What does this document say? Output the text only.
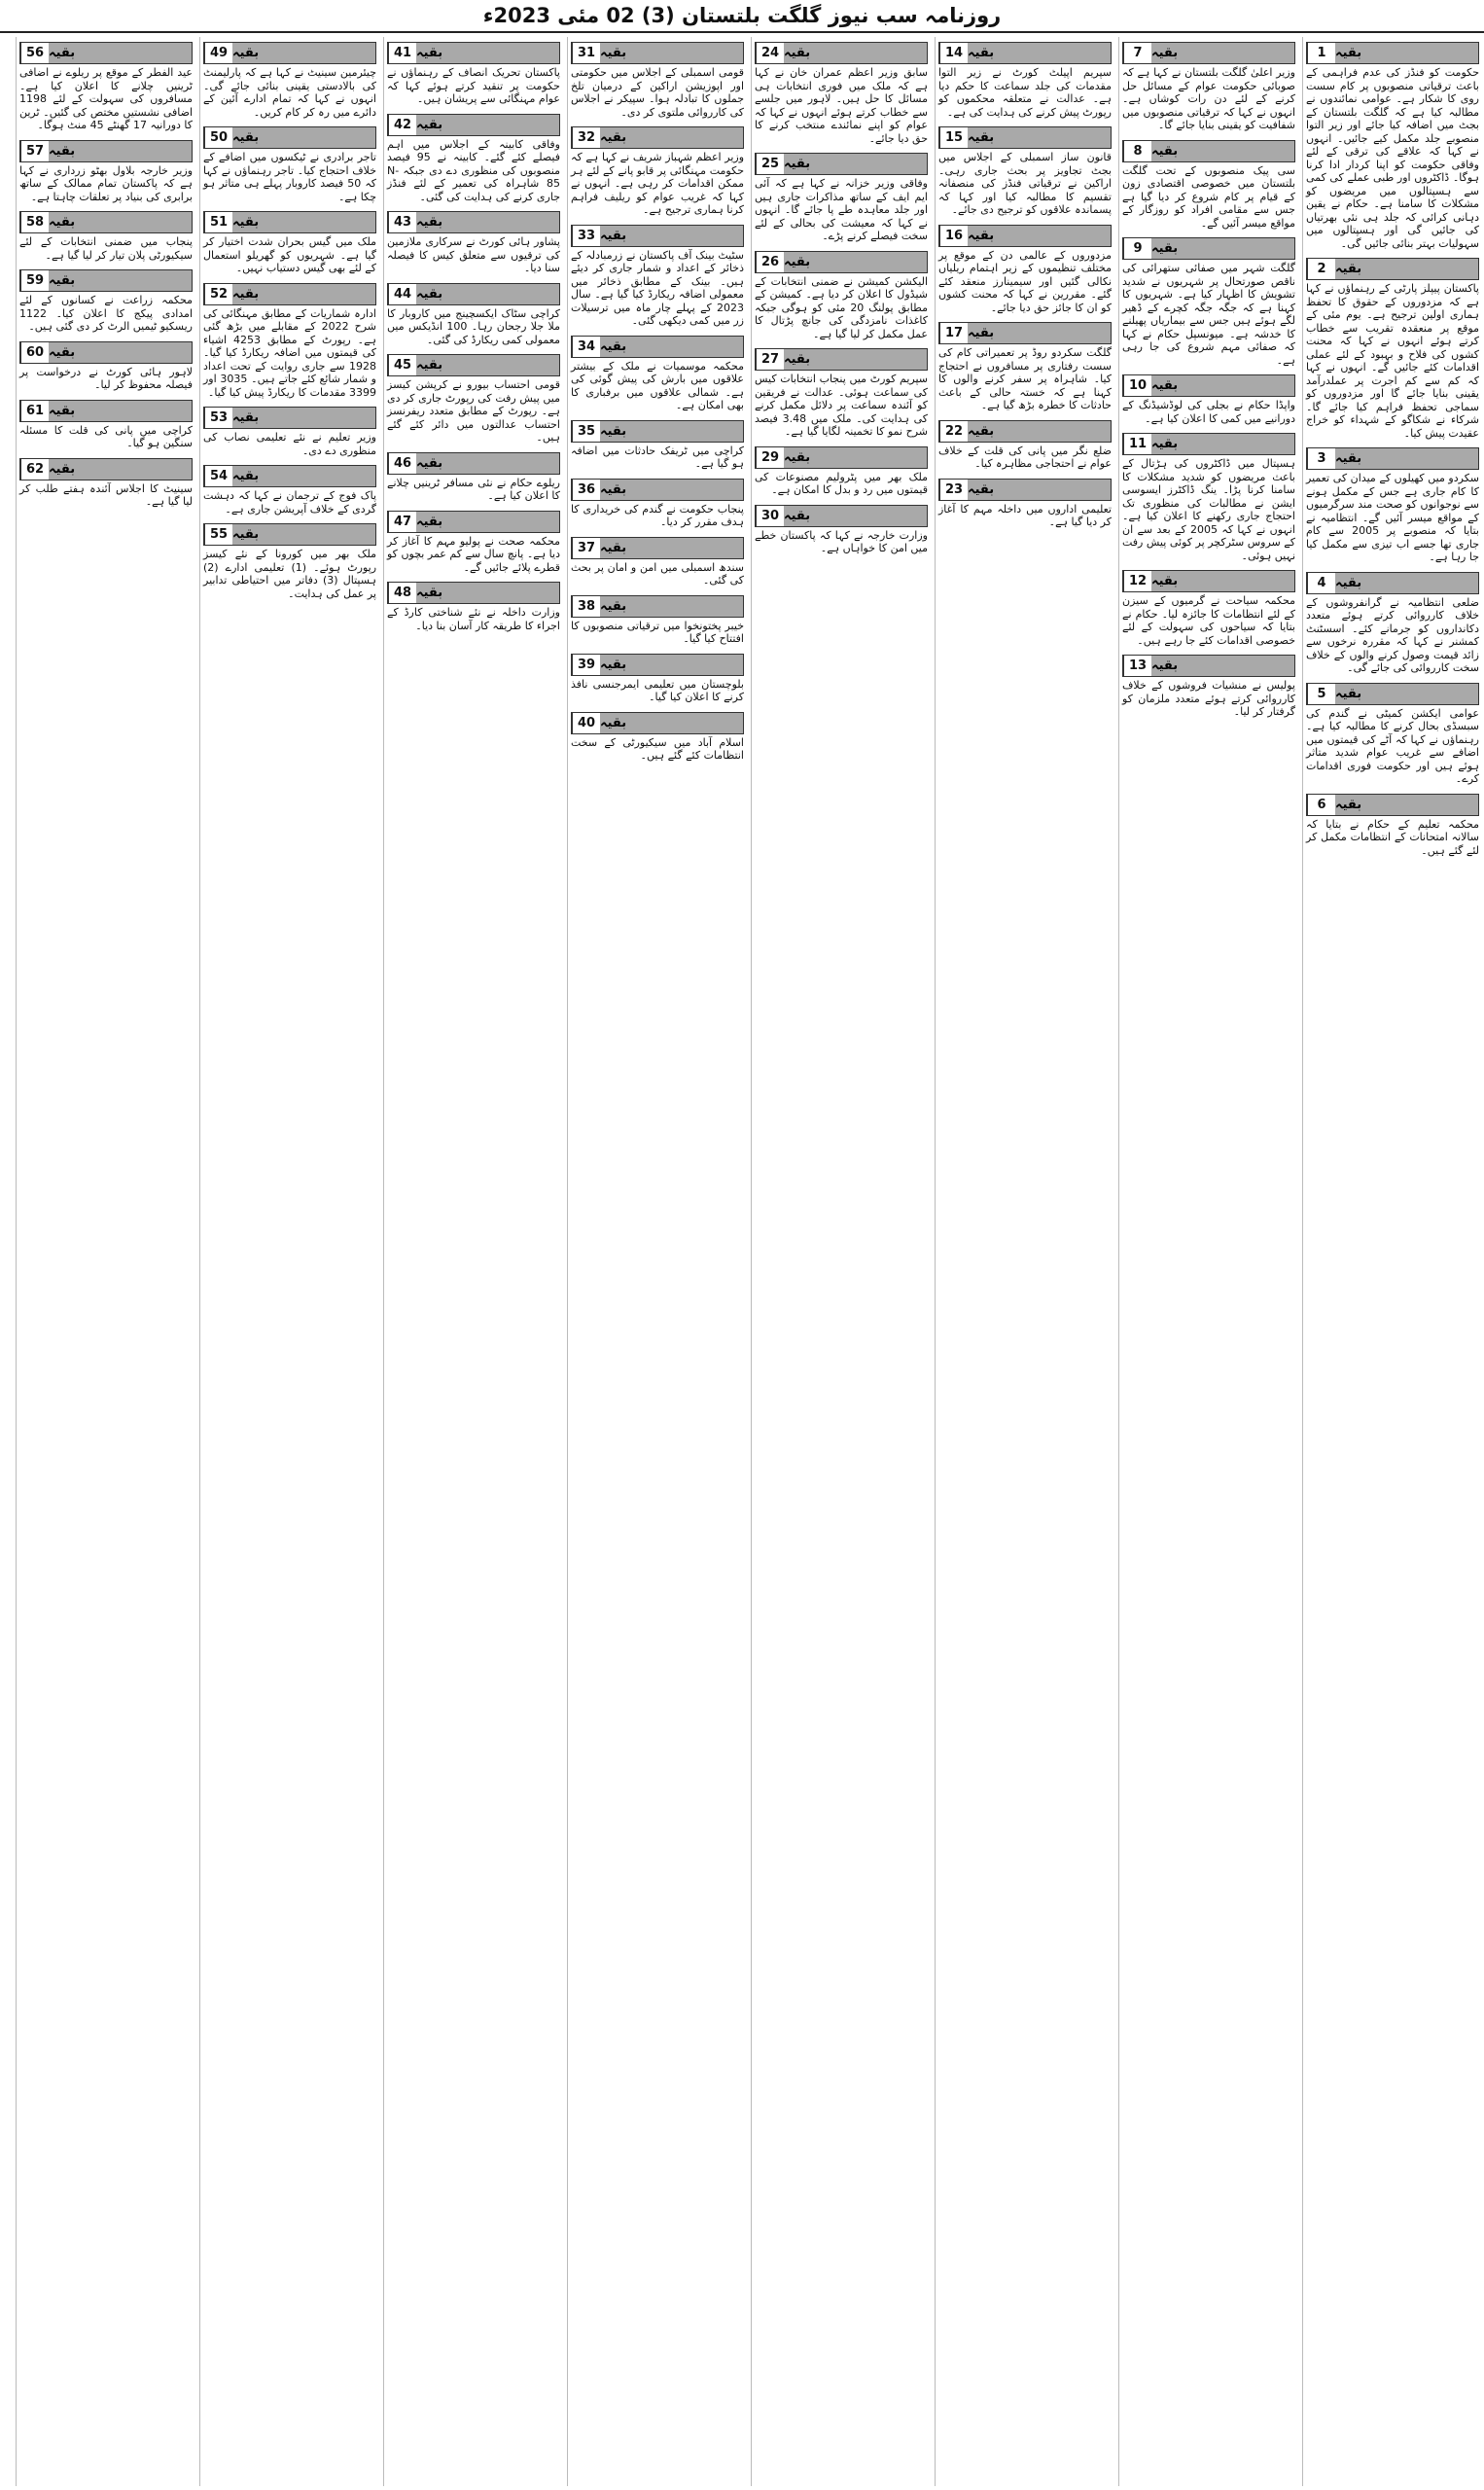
روزنامہ سب نیوز گلگت بلتستان (3) 02 مئی 2023ء
1 بقیہ

حکومت کو فنڈز کی عدم فراہمی کے باعث ترقیاتی منصوبوں پر کام سست روی کا شکار ہے۔ عوامی نمائندوں نے مطالبہ کیا ہے کہ گلگت بلتستان کے بجٹ میں اضافہ کیا جائے اور زیر التوا منصوبے جلد مکمل کیے جائیں۔ انہوں نے کہا کہ علاقے کی ترقی کے لئے وفاقی حکومت کو اپنا کردار ادا کرنا ہوگا۔ ڈاکٹروں اور طبی عملے کی کمی سے ہسپتالوں میں مریضوں کو مشکلات کا سامنا ہے۔ حکام نے یقین دہانی کرائی کہ جلد ہی نئی بھرتیاں کی جائیں گی اور ہسپتالوں میں سہولیات بہتر بنائی جائیں گی۔

2 بقیہ

پاکستان پیپلز پارٹی کے رہنماؤں نے کہا ہے کہ مزدوروں کے حقوق کا تحفظ ہماری اولین ترجیح ہے۔ یوم مئی کے موقع پر منعقدہ تقریب سے خطاب کرتے ہوئے انہوں نے کہا کہ محنت کشوں کی فلاح و بہبود کے لئے عملی اقدامات کئے جائیں گے۔ انہوں نے کہا کہ کم سے کم اجرت پر عملدرآمد یقینی بنایا جائے گا اور مزدوروں کو سماجی تحفظ فراہم کیا جائے گا۔ شرکاء نے شکاگو کے شہداء کو خراج عقیدت پیش کیا۔

3 بقیہ

سکردو میں کھیلوں کے میدان کی تعمیر کا کام جاری ہے جس کے مکمل ہونے سے نوجوانوں کو صحت مند سرگرمیوں کے مواقع میسر آئیں گے۔ انتظامیہ نے بتایا کہ منصوبے پر 2005 سے کام جاری تھا جسے اب تیزی سے مکمل کیا جا رہا ہے۔

4 بقیہ

ضلعی انتظامیہ نے گرانفروشوں کے خلاف کارروائی کرتے ہوئے متعدد دکانداروں کو جرمانے کئے۔ اسسٹنٹ کمشنر نے کہا کہ مقررہ نرخوں سے زائد قیمت وصول کرنے والوں کے خلاف سخت کارروائی کی جائے گی۔

5 بقیہ

عوامی ایکشن کمیٹی نے گندم کی سبسڈی بحال کرنے کا مطالبہ کیا ہے۔ رہنماؤں نے کہا کہ آٹے کی قیمتوں میں اضافے سے غریب عوام شدید متاثر ہوئے ہیں اور حکومت فوری اقدامات کرے۔

6 بقیہ

محکمہ تعلیم کے حکام نے بتایا کہ سالانہ امتحانات کے انتظامات مکمل کر لئے گئے ہیں۔

7 بقیہ

وزیر اعلیٰ گلگت بلتستان نے کہا ہے کہ صوبائی حکومت عوام کے مسائل حل کرنے کے لئے دن رات کوشاں ہے۔ انہوں نے کہا کہ ترقیاتی منصوبوں میں شفافیت کو یقینی بنایا جائے گا۔

8 بقیہ

سی پیک منصوبوں کے تحت گلگت بلتستان میں خصوصی اقتصادی زون کے قیام پر کام شروع کر دیا گیا ہے جس سے مقامی افراد کو روزگار کے مواقع میسر آئیں گے۔

9 بقیہ

گلگت شہر میں صفائی ستھرائی کی ناقص صورتحال پر شہریوں نے شدید تشویش کا اظہار کیا ہے۔ شہریوں کا کہنا ہے کہ جگہ جگہ کچرے کے ڈھیر لگے ہوئے ہیں جس سے بیماریاں پھیلنے کا خدشہ ہے۔ میونسپل حکام نے کہا کہ صفائی مہم شروع کی جا رہی ہے۔

10 بقیہ

واپڈا حکام نے بجلی کی لوڈشیڈنگ کے دورانیے میں کمی کا اعلان کیا ہے۔

11 بقیہ

ہسپتال میں ڈاکٹروں کی ہڑتال کے باعث مریضوں کو شدید مشکلات کا سامنا کرنا پڑا۔ ینگ ڈاکٹرز ایسوسی ایشن نے مطالبات کی منظوری تک احتجاج جاری رکھنے کا اعلان کیا ہے۔ انہوں نے کہا کہ 2005 کے بعد سے ان کے سروس سٹرکچر پر کوئی پیش رفت نہیں ہوئی۔

12 بقیہ

محکمہ سیاحت نے گرمیوں کے سیزن کے لئے انتظامات کا جائزہ لیا۔ حکام نے بتایا کہ سیاحوں کی سہولت کے لئے خصوصی اقدامات کئے جا رہے ہیں۔

13 بقیہ

پولیس نے منشیات فروشوں کے خلاف کارروائی کرتے ہوئے متعدد ملزمان کو گرفتار کر لیا۔

14 بقیہ

سپریم اپیلٹ کورٹ نے زیر التوا مقدمات کی جلد سماعت کا حکم دیا ہے۔ عدالت نے متعلقہ محکموں کو رپورٹ پیش کرنے کی ہدایت کی ہے۔

15 بقیہ

قانون ساز اسمبلی کے اجلاس میں بجٹ تجاویز پر بحث جاری رہی۔ اراکین نے ترقیاتی فنڈز کی منصفانہ تقسیم کا مطالبہ کیا اور کہا کہ پسماندہ علاقوں کو ترجیح دی جائے۔

16 بقیہ

مزدوروں کے عالمی دن کے موقع پر مختلف تنظیموں کے زیر اہتمام ریلیاں نکالی گئیں اور سیمینارز منعقد کئے گئے۔ مقررین نے کہا کہ محنت کشوں کو ان کا جائز حق دیا جائے۔

17 بقیہ

گلگت سکردو روڈ پر تعمیراتی کام کی سست رفتاری پر مسافروں نے احتجاج کیا۔ شاہراہ پر سفر کرنے والوں کا کہنا ہے کہ خستہ حالی کے باعث حادثات کا خطرہ بڑھ گیا ہے۔

22 بقیہ

ضلع نگر میں پانی کی قلت کے خلاف عوام نے احتجاجی مظاہرہ کیا۔

23 بقیہ

تعلیمی اداروں میں داخلہ مہم کا آغاز کر دیا گیا ہے۔

24 بقیہ

سابق وزیر اعظم عمران خان نے کہا ہے کہ ملک میں فوری انتخابات ہی مسائل کا حل ہیں۔ لاہور میں جلسے سے خطاب کرتے ہوئے انہوں نے کہا کہ عوام کو اپنے نمائندے منتخب کرنے کا حق دیا جائے۔

25 بقیہ

وفاقی وزیر خزانہ نے کہا ہے کہ آئی ایم ایف کے ساتھ مذاکرات جاری ہیں اور جلد معاہدہ طے پا جائے گا۔ انہوں نے کہا کہ معیشت کی بحالی کے لئے سخت فیصلے کرنے پڑے۔

26 بقیہ

الیکشن کمیشن نے ضمنی انتخابات کے شیڈول کا اعلان کر دیا ہے۔ کمیشن کے مطابق پولنگ 20 مئی کو ہوگی جبکہ کاغذات نامزدگی کی جانچ پڑتال کا عمل مکمل کر لیا گیا ہے۔

27 بقیہ

سپریم کورٹ میں پنجاب انتخابات کیس کی سماعت ہوئی۔ عدالت نے فریقین کو آئندہ سماعت پر دلائل مکمل کرنے کی ہدایت کی۔ ملک میں 3.48 فیصد شرح نمو کا تخمینہ لگایا گیا ہے۔

29 بقیہ

ملک بھر میں پٹرولیم مصنوعات کی قیمتوں میں رد و بدل کا امکان ہے۔

30 بقیہ

وزارت خارجہ نے کہا کہ پاکستان خطے میں امن کا خواہاں ہے۔

31 بقیہ

قومی اسمبلی کے اجلاس میں حکومتی اور اپوزیشن اراکین کے درمیان تلخ جملوں کا تبادلہ ہوا۔ سپیکر نے اجلاس کی کارروائی ملتوی کر دی۔

32 بقیہ

وزیر اعظم شہباز شریف نے کہا ہے کہ حکومت مہنگائی پر قابو پانے کے لئے ہر ممکن اقدامات کر رہی ہے۔ انہوں نے کہا کہ غریب عوام کو ریلیف فراہم کرنا ہماری ترجیح ہے۔

33 بقیہ

سٹیٹ بینک آف پاکستان نے زرمبادلہ کے ذخائر کے اعداد و شمار جاری کر دیئے ہیں۔ بینک کے مطابق ذخائر میں معمولی اضافہ ریکارڈ کیا گیا ہے۔ سال 2023 کے پہلے چار ماہ میں ترسیلات زر میں کمی دیکھی گئی۔

34 بقیہ

محکمہ موسمیات نے ملک کے بیشتر علاقوں میں بارش کی پیش گوئی کی ہے۔ شمالی علاقوں میں برفباری کا بھی امکان ہے۔

35 بقیہ

کراچی میں ٹریفک حادثات میں اضافہ ہو گیا ہے۔

36 بقیہ

پنجاب حکومت نے گندم کی خریداری کا ہدف مقرر کر دیا۔

37 بقیہ

سندھ اسمبلی میں امن و امان پر بحث کی گئی۔

38 بقیہ

خیبر پختونخوا میں ترقیاتی منصوبوں کا افتتاح کیا گیا۔

39 بقیہ

بلوچستان میں تعلیمی ایمرجنسی نافذ کرنے کا اعلان کیا گیا۔

40 بقیہ

اسلام آباد میں سیکیورٹی کے سخت انتظامات کئے گئے ہیں۔

41 بقیہ

پاکستان تحریک انصاف کے رہنماؤں نے حکومت پر تنقید کرتے ہوئے کہا کہ عوام مہنگائی سے پریشان ہیں۔

42 بقیہ

وفاقی کابینہ کے اجلاس میں اہم فیصلے کئے گئے۔ کابینہ نے 95 فیصد منصوبوں کی منظوری دے دی جبکہ N-85 شاہراہ کی تعمیر کے لئے فنڈز جاری کرنے کی ہدایت کی گئی۔

43 بقیہ

پشاور ہائی کورٹ نے سرکاری ملازمین کی ترقیوں سے متعلق کیس کا فیصلہ سنا دیا۔

44 بقیہ

کراچی سٹاک ایکسچینج میں کاروبار کا ملا جلا رجحان رہا۔ 100 انڈیکس میں معمولی کمی ریکارڈ کی گئی۔

45 بقیہ

قومی احتساب بیورو نے کرپشن کیسز میں پیش رفت کی رپورٹ جاری کر دی ہے۔ رپورٹ کے مطابق متعدد ریفرنسز احتساب عدالتوں میں دائر کئے گئے ہیں۔

46 بقیہ

ریلوے حکام نے نئی مسافر ٹرینیں چلانے کا اعلان کیا ہے۔

47 بقیہ

محکمہ صحت نے پولیو مہم کا آغاز کر دیا ہے۔ پانچ سال سے کم عمر بچوں کو قطرے پلائے جائیں گے۔

48 بقیہ

وزارت داخلہ نے نئے شناختی کارڈ کے اجراء کا طریقہ کار آسان بنا دیا۔

49 بقیہ

چیئرمین سینیٹ نے کہا ہے کہ پارلیمنٹ کی بالادستی یقینی بنائی جائے گی۔ انہوں نے کہا کہ تمام ادارے آئین کے دائرے میں رہ کر کام کریں۔

50 بقیہ

تاجر برادری نے ٹیکسوں میں اضافے کے خلاف احتجاج کیا۔ تاجر رہنماؤں نے کہا کہ 50 فیصد کاروبار پہلے ہی متاثر ہو چکا ہے۔

51 بقیہ

ملک میں گیس بحران شدت اختیار کر گیا ہے۔ شہریوں کو گھریلو استعمال کے لئے بھی گیس دستیاب نہیں۔

52 بقیہ

ادارہ شماریات کے مطابق مہنگائی کی شرح 2022 کے مقابلے میں بڑھ گئی ہے۔ رپورٹ کے مطابق 4253 اشیاء کی قیمتوں میں اضافہ ریکارڈ کیا گیا۔ 1928 سے جاری روایت کے تحت اعداد و شمار شائع کئے جاتے ہیں۔ 3035 اور 3399 مقدمات کا ریکارڈ پیش کیا گیا۔

53 بقیہ

وزیر تعلیم نے نئے تعلیمی نصاب کی منظوری دے دی۔

54 بقیہ

پاک فوج کے ترجمان نے کہا کہ دہشت گردی کے خلاف آپریشن جاری ہے۔

55 بقیہ

ملک بھر میں کورونا کے نئے کیسز رپورٹ ہوئے۔ (1) تعلیمی ادارے (2) ہسپتال (3) دفاتر میں احتیاطی تدابیر پر عمل کی ہدایت۔

56 بقیہ

عید الفطر کے موقع پر ریلوے نے اضافی ٹرینیں چلانے کا اعلان کیا ہے۔ مسافروں کی سہولت کے لئے 1198 اضافی نشستیں مختص کی گئیں۔ ٹرین کا دورانیہ 17 گھنٹے 45 منٹ ہوگا۔

57 بقیہ

وزیر خارجہ بلاول بھٹو زرداری نے کہا ہے کہ پاکستان تمام ممالک کے ساتھ برابری کی بنیاد پر تعلقات چاہتا ہے۔

58 بقیہ

پنجاب میں ضمنی انتخابات کے لئے سیکیورٹی پلان تیار کر لیا گیا ہے۔

59 بقیہ

محکمہ زراعت نے کسانوں کے لئے امدادی پیکج کا اعلان کیا۔ 1122 ریسکیو ٹیمیں الرٹ کر دی گئی ہیں۔

60 بقیہ

لاہور ہائی کورٹ نے درخواست پر فیصلہ محفوظ کر لیا۔

61 بقیہ

کراچی میں پانی کی قلت کا مسئلہ سنگین ہو گیا۔

62 بقیہ

سینیٹ کا اجلاس آئندہ ہفتے طلب کر لیا گیا ہے۔
